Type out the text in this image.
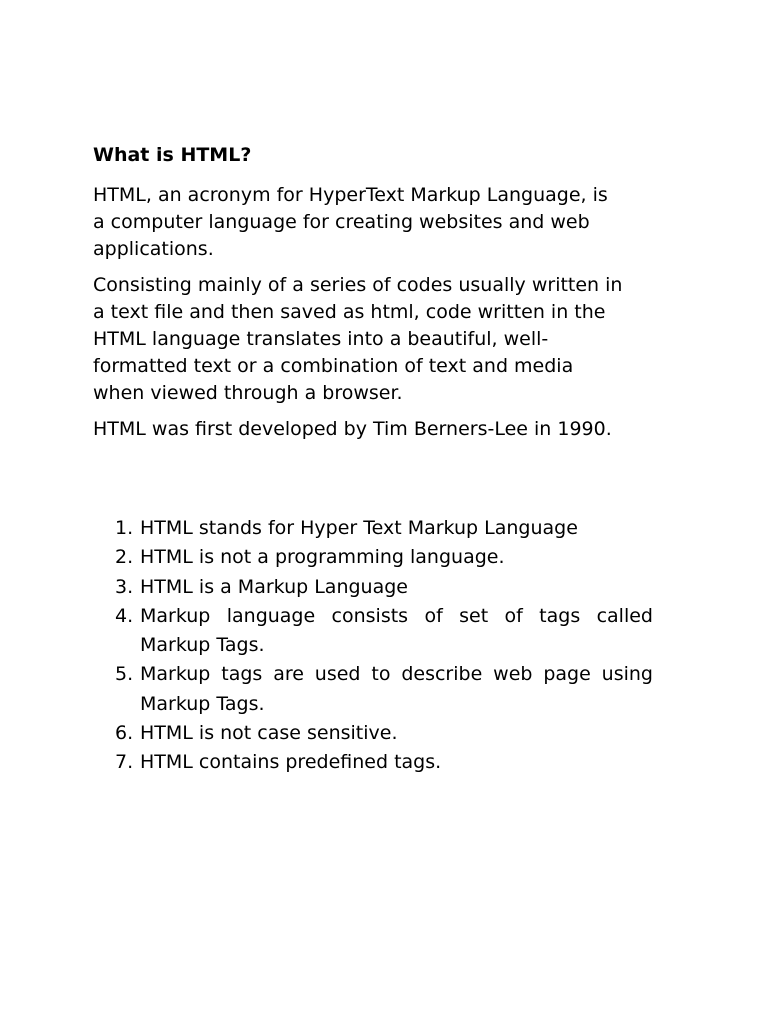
What is HTML?
HTML, an acronym for HyperText Markup Language, is
a computer language for creating websites and web
applications.
Consisting mainly of a series of codes usually written in
a text file and then saved as html, code written in the
HTML language translates into a beautiful, well-
formatted text or a combination of text and media
when viewed through a browser.
HTML was first developed by Tim Berners-Lee in 1990.
1. HTML stands for Hyper Text Markup Language
2. HTML is not a programming language.
3. HTML is a Markup Language
4. Markup language consists of set of tags called
Markup Tags.
5. Markup tags are used to describe web page using
Markup Tags.
6. HTML is not case sensitive.
7. HTML contains predefined tags.
